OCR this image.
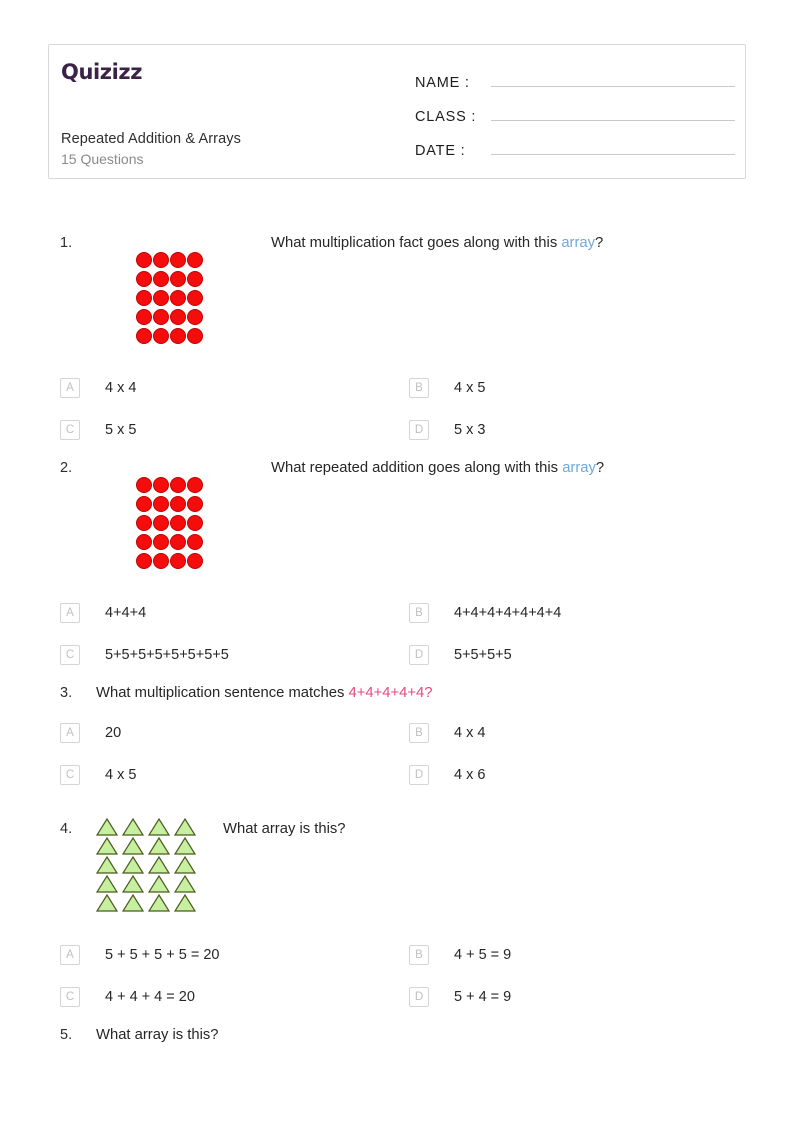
Quizizz
Repeated Addition & Arrays
15 Questions
NAME :
CLASS :
DATE :
1.	What multiplication fact goes along with this array?
A	4 x 4	B	4 x 5
C	5 x 5	D	5 x 3
2.	What repeated addition goes along with this array?
A	4+4+4	B	4+4+4+4+4+4+4
C	5+5+5+5+5+5+5+5	D	5+5+5+5
3.	What multiplication sentence matches 4+4+4+4+4?
A	20	B	4 x 4
C	4 x 5	D	4 x 6
4.	What array is this?
A	5 + 5 + 5 + 5 = 20	B	4 + 5 = 9
C	4 + 4 + 4 = 20	D	5 + 4 = 9
5.	What array is this?
